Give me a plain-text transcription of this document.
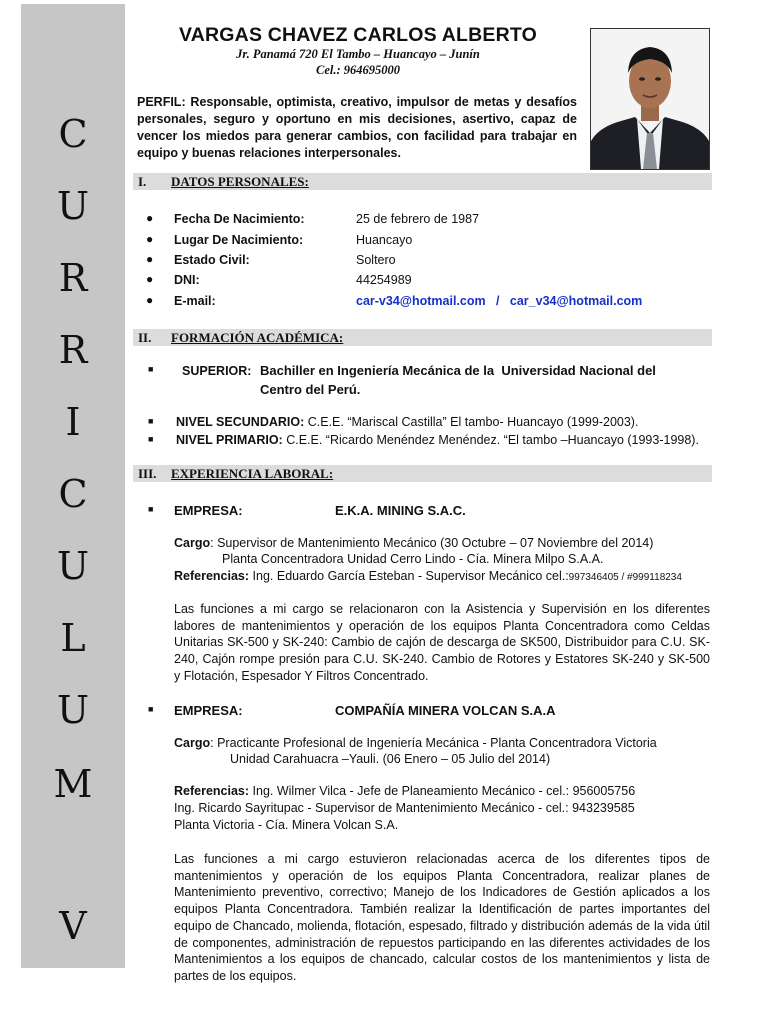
C
U
R
R
I
C
U
L
U
M
V
VARGAS CHAVEZ CARLOS ALBERTO
Jr. Panamá 720 El Tambo – Huancayo – Junín
Cel.: 964695000
PERFIL: Responsable, optimista, creativo, impulsor de metas y desafíos personales, seguro y oportuno en mis decisiones, asertivo, capaz de vencer los miedos para generar cambios, con facilidad para trabajar en equipo y buenas relaciones interpersonales.
I. DATOS PERSONALES:
● Fecha De Nacimiento:	25 de febrero de 1987
● Lugar De Nacimiento:	Huancayo
● Estado Civil:	Soltero
● DNI:	44254989
● E-mail:	car-v34@hotmail.com   /   car_v34@hotmail.com
II. FORMACIÓN ACADÉMICA:
■ SUPERIOR: Bachiller en Ingeniería Mecánica de la  Universidad Nacional del
Centro del Perú.
■ NIVEL SECUNDARIO: C.E.E. “Mariscal Castilla” El tambo- Huancayo (1999-2003).
■ NIVEL PRIMARIO: C.E.E. “Ricardo Menéndez Menéndez. “El tambo –Huancayo (1993-1998).
III. EXPERIENCIA LABORAL:
■ EMPRESA:	E.K.A. MINING S.A.C.
Cargo: Supervisor de Mantenimiento Mecánico (30 Octubre – 07 Noviembre del 2014)
Planta Concentradora Unidad Cerro Lindo - Cía. Minera Milpo S.A.A.
Referencias: Ing. Eduardo García Esteban - Supervisor Mecánico cel.:997346405 / #999118234
Las funciones a mi cargo se relacionaron con la Asistencia y Supervisión en los diferentes labores de mantenimientos y operación de los equipos Planta Concentradora como Celdas Unitarias SK-500 y SK-240: Cambio de cajón de descarga de SK500, Distribuidor para C.U. SK-240, Cajón rompe presión para C.U. SK-240. Cambio de Rotores y Estatores SK-240 y SK-500 y Flotación, Espesador Y Filtros Concentrado.
■ EMPRESA:	COMPAÑÍA MINERA VOLCAN S.A.A
Cargo: Practicante Profesional de Ingeniería Mecánica - Planta Concentradora Victoria
Unidad Carahuacra –Yauli. (06 Enero – 05 Julio del 2014)
Referencias: Ing. Wilmer Vilca - Jefe de Planeamiento Mecánico - cel.: 956005756
Ing. Ricardo Sayritupac - Supervisor de Mantenimiento Mecánico - cel.: 943239585
Planta Victoria - Cía. Minera Volcan S.A.
Las funciones a mi cargo estuvieron relacionadas acerca de los diferentes tipos de mantenimientos y operación de los equipos Planta Concentradora, realizar planes de Mantenimiento preventivo, correctivo; Manejo de los Indicadores de Gestión aplicados a los equipos Planta Concentradora. También realizar la Identificación de partes importantes del equipo de Chancado, molienda, flotación, espesado, filtrado y distribución además de la vida útil de componentes, administración de repuestos participando en las diferentes actividades de los Mantenimientos a los equipos de chancado, calcular costos de los mantenimientos y lista de partes de los equipos.
